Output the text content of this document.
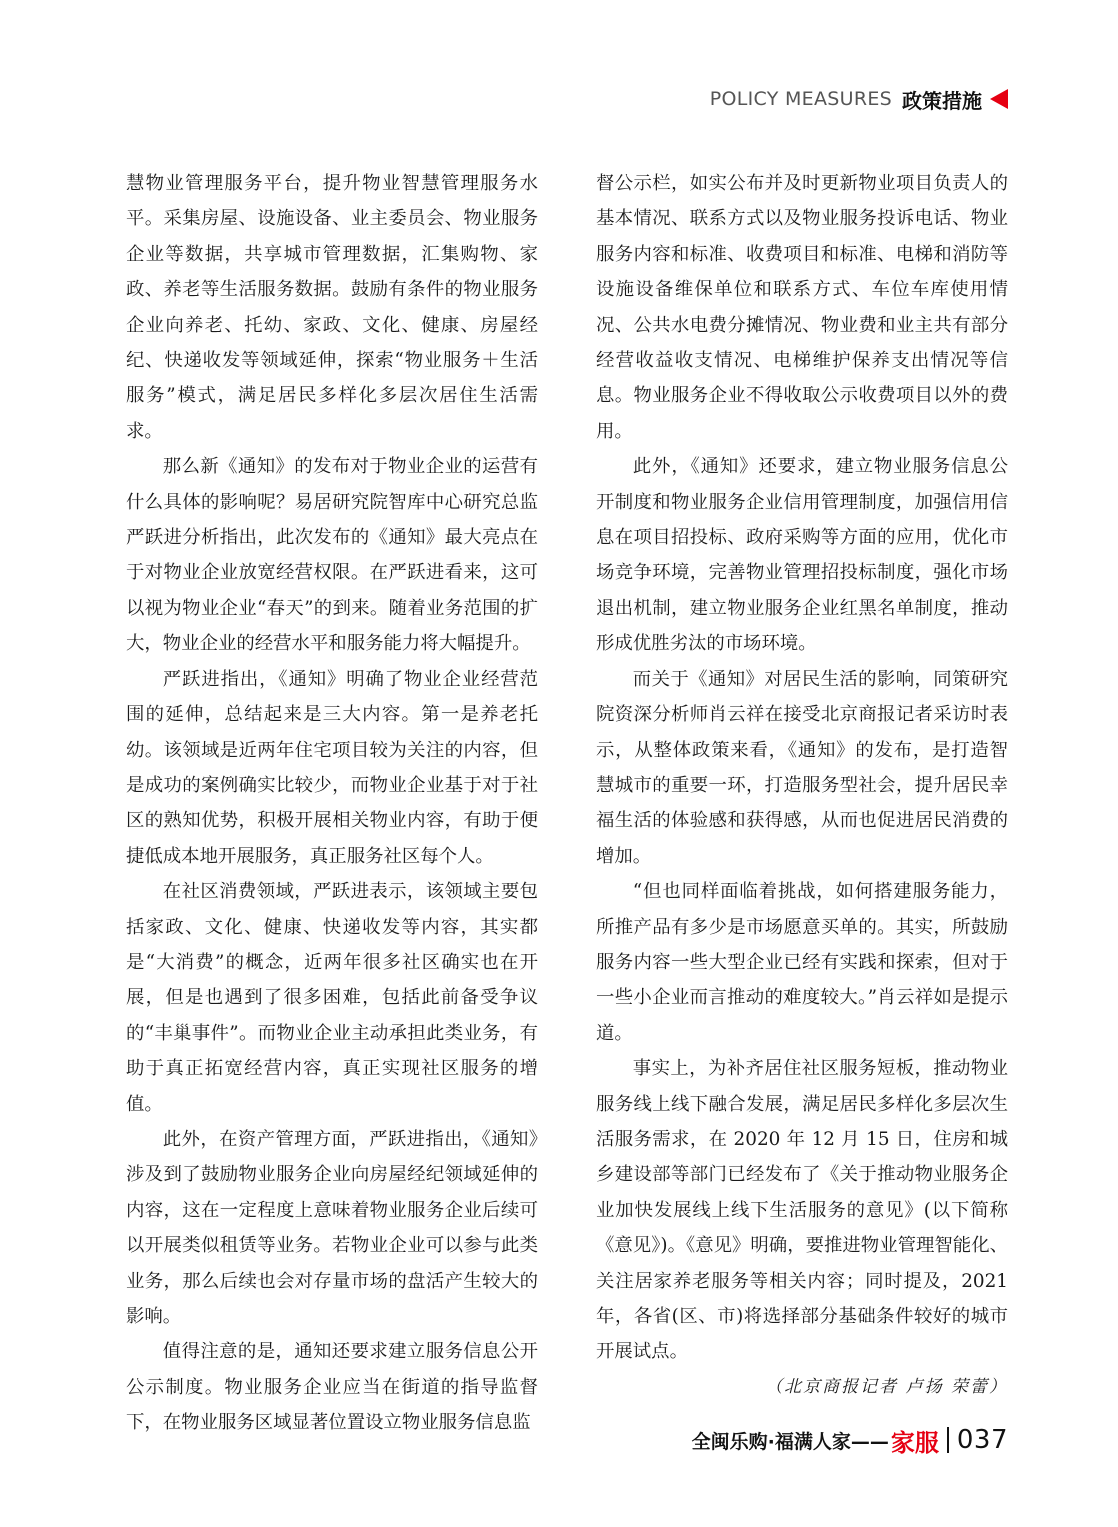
POLICY MEASURES 政策措施

慧物业管理服务平台，提升物业智慧管理服务水平。采集房屋、设施设备、业主委员会、物业服务企业等数据，共享城市管理数据，汇集购物、家政、养老等生活服务数据。鼓励有条件的物业服务企业向养老、托幼、家政、文化、健康、房屋经纪、快递收发等领域延伸，探索“物业服务＋生活服务”模式，满足居民多样化多层次居住生活需求。

那么新《通知》的发布对于物业企业的运营有什么具体的影响呢？易居研究院智库中心研究总监严跃进分析指出，此次发布的《通知》最大亮点在于对物业企业放宽经营权限。在严跃进看来，这可以视为物业企业“春天”的到来。随着业务范围的扩大，物业企业的经营水平和服务能力将大幅提升。

严跃进指出，《通知》明确了物业企业经营范围的延伸，总结起来是三大内容。第一是养老托幼。该领域是近两年住宅项目较为关注的内容，但是成功的案例确实比较少，而物业企业基于对于社区的熟知优势，积极开展相关物业内容，有助于便捷低成本地开展服务，真正服务社区每个人。

在社区消费领域，严跃进表示，该领域主要包括家政、文化、健康、快递收发等内容，其实都是“大消费”的概念，近两年很多社区确实也在开展，但是也遇到了很多困难，包括此前备受争议的“丰巢事件”。而物业企业主动承担此类业务，有助于真正拓宽经营内容，真正实现社区服务的增值。

此外，在资产管理方面，严跃进指出，《通知》涉及到了鼓励物业服务企业向房屋经纪领域延伸的内容，这在一定程度上意味着物业服务企业后续可以开展类似租赁等业务。若物业企业可以参与此类业务，那么后续也会对存量市场的盘活产生较大的影响。

值得注意的是，通知还要求建立服务信息公开公示制度。物业服务企业应当在街道的指导监督下，在物业服务区域显著位置设立物业服务信息监

督公示栏，如实公布并及时更新物业项目负责人的基本情况、联系方式以及物业服务投诉电话、物业服务内容和标准、收费项目和标准、电梯和消防等设施设备维保单位和联系方式、车位车库使用情况、公共水电费分摊情况、物业费和业主共有部分经营收益收支情况、电梯维护保养支出情况等信息。物业服务企业不得收取公示收费项目以外的费用。

此外，《通知》还要求，建立物业服务信息公开制度和物业服务企业信用管理制度，加强信用信息在项目招投标、政府采购等方面的应用，优化市场竞争环境，完善物业管理招投标制度，强化市场退出机制，建立物业服务企业红黑名单制度，推动形成优胜劣汰的市场环境。

而关于《通知》对居民生活的影响，同策研究院资深分析师肖云祥在接受北京商报记者采访时表示，从整体政策来看，《通知》的发布，是打造智慧城市的重要一环，打造服务型社会，提升居民幸福生活的体验感和获得感，从而也促进居民消费的增加。

“但也同样面临着挑战，如何搭建服务能力，所推产品有多少是市场愿意买单的。其实，所鼓励服务内容一些大型企业已经有实践和探索，但对于一些小企业而言推动的难度较大。”肖云祥如是提示道。

事实上，为补齐居住社区服务短板，推动物业服务线上线下融合发展，满足居民多样化多层次生活服务需求，在 2020 年 12 月 15 日，住房和城乡建设部等部门已经发布了《关于推动物业服务企业加快发展线上线下生活服务的意见》(以下简称《意见》)。《意见》明确，要推进物业管理智能化、关注居家养老服务等相关内容；同时提及，2021 年，各省(区、市)将选择部分基础条件较好的城市开展试点。

（北京商报记者 卢扬 荣蕾）

全闽乐购·福满人家—— 家服 037
